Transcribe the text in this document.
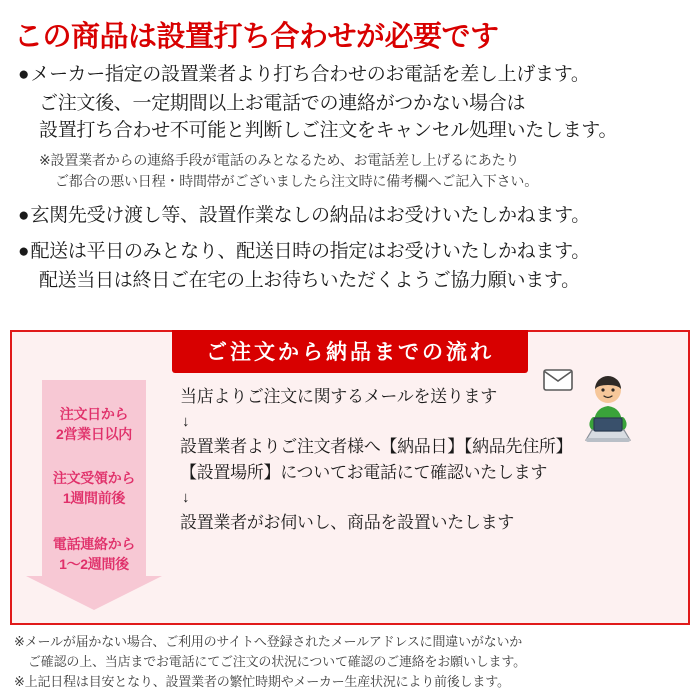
この商品は設置打ち合わせが必要です
● メーカー指定の設置業者より打ち合わせのお電話を差し上げます。
ご注文後、一定期間以上お電話での連絡がつかない場合は
設置打ち合わせ不可能と判断しご注文をキャンセル処理いたします。
※設置業者からの連絡手段が電話のみとなるため、お電話差し上げるにあたり
ご都合の悪い日程・時間帯がございましたら注文時に備考欄へご記入下さい。
● 玄関先受け渡し等、設置作業なしの納品はお受けいたしかねます。
● 配送は平日のみとなり、配送日時の指定はお受けいたしかねます。
配送当日は終日ご在宅の上お待ちいただくようご協力願います。
ご注文から納品までの流れ
注文日から
2営業日以内
注文受領から
1週間前後
電話連絡から
1〜2週間後
当店よりご注文に関するメールを送ります
↓
設置業者よりご注文者様へ【納品日】【納品先住所】
【設置場所】についてお電話にて確認いたします
↓
設置業者がお伺いし、商品を設置いたします
※メールが届かない場合、ご利用のサイトへ登録されたメールアドレスに間違いがないか
ご確認の上、当店までお電話にてご注文の状況について確認のご連絡をお願いします。
※上記日程は目安となり、設置業者の繁忙時期やメーカー生産状況により前後します。
